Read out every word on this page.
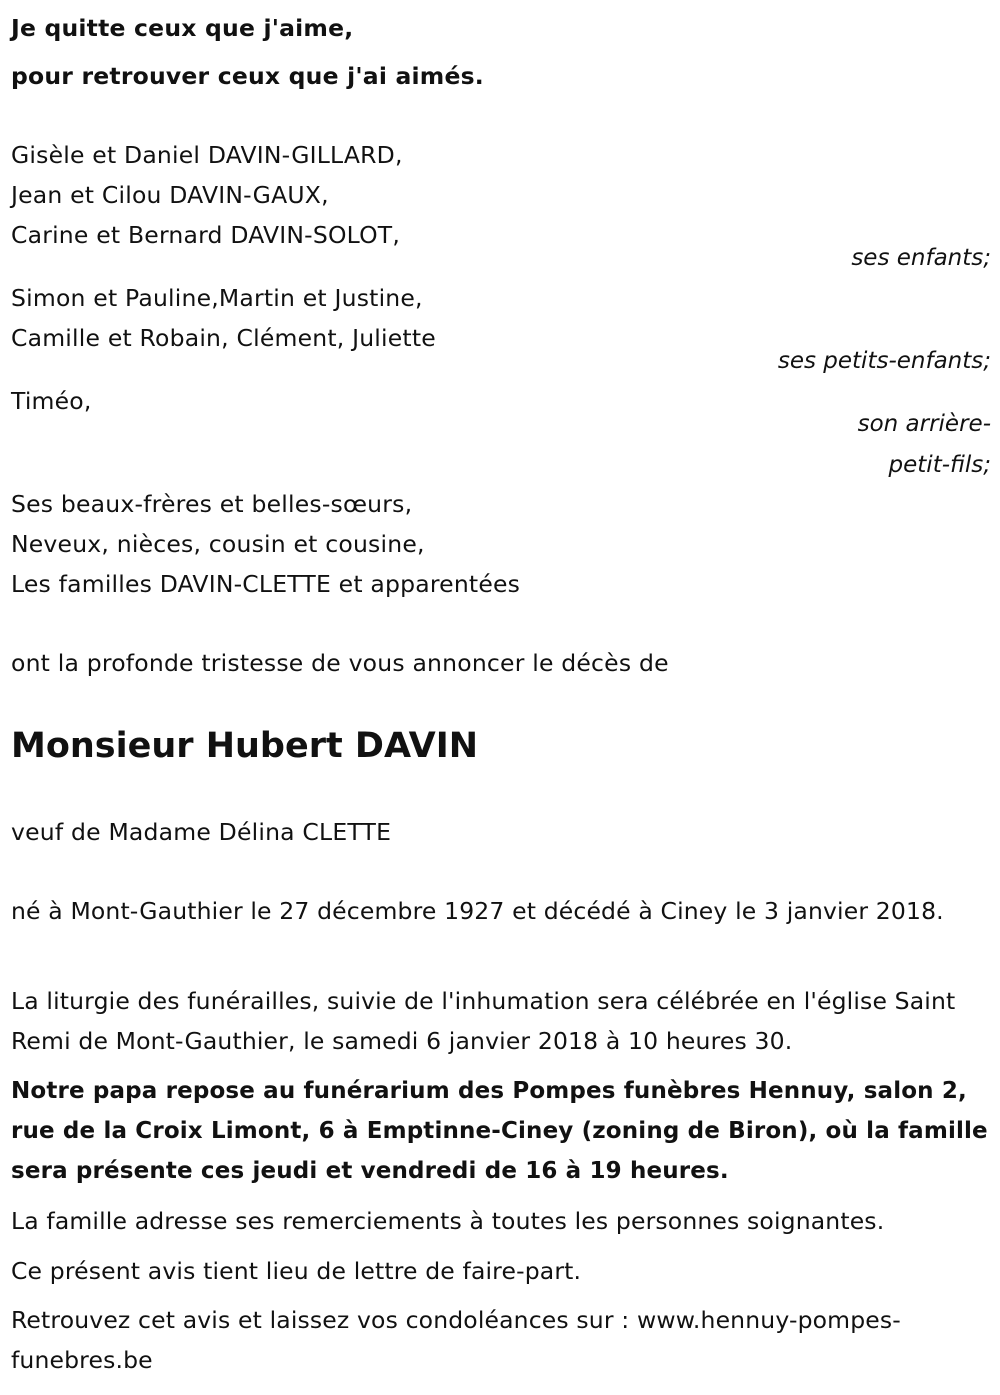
Je quitte ceux que j'aime,

pour retrouver ceux que j'ai aimés.

Gisèle et Daniel DAVIN-GILLARD,

Jean et Cilou DAVIN-GAUX,

Carine et Bernard DAVIN-SOLOT,

ses enfants;

Simon et Pauline,Martin et Justine,

Camille et Robain, Clément, Juliette

ses petits-enfants;

Timéo,

son arrière-

petit-fils;

Ses beaux-frères et belles-sœurs,

Neveux, nièces, cousin et cousine,

Les familles DAVIN-CLETTE et apparentées

ont la profonde tristesse de vous annoncer le décès de

Monsieur Hubert DAVIN

veuf de Madame Délina CLETTE

né à Mont-Gauthier le 27 décembre 1927 et décédé à Ciney le 3 janvier 2018.

La liturgie des funérailles, suivie de l'inhumation sera célébrée en l'église Saint Remi de Mont-Gauthier, le samedi 6 janvier 2018 à 10 heures 30.

Notre papa repose au funérarium des Pompes funèbres Hennuy, salon 2, rue de la Croix Limont, 6 à Emptinne-Ciney (zoning de Biron), où la famille sera présente ces jeudi et vendredi de 16 à 19 heures.

La famille adresse ses remerciements à toutes les personnes soignantes.

Ce présent avis tient lieu de lettre de faire-part.

Retrouvez cet avis et laissez vos condoléances sur : www.hennuy-pompes-funebres.be
